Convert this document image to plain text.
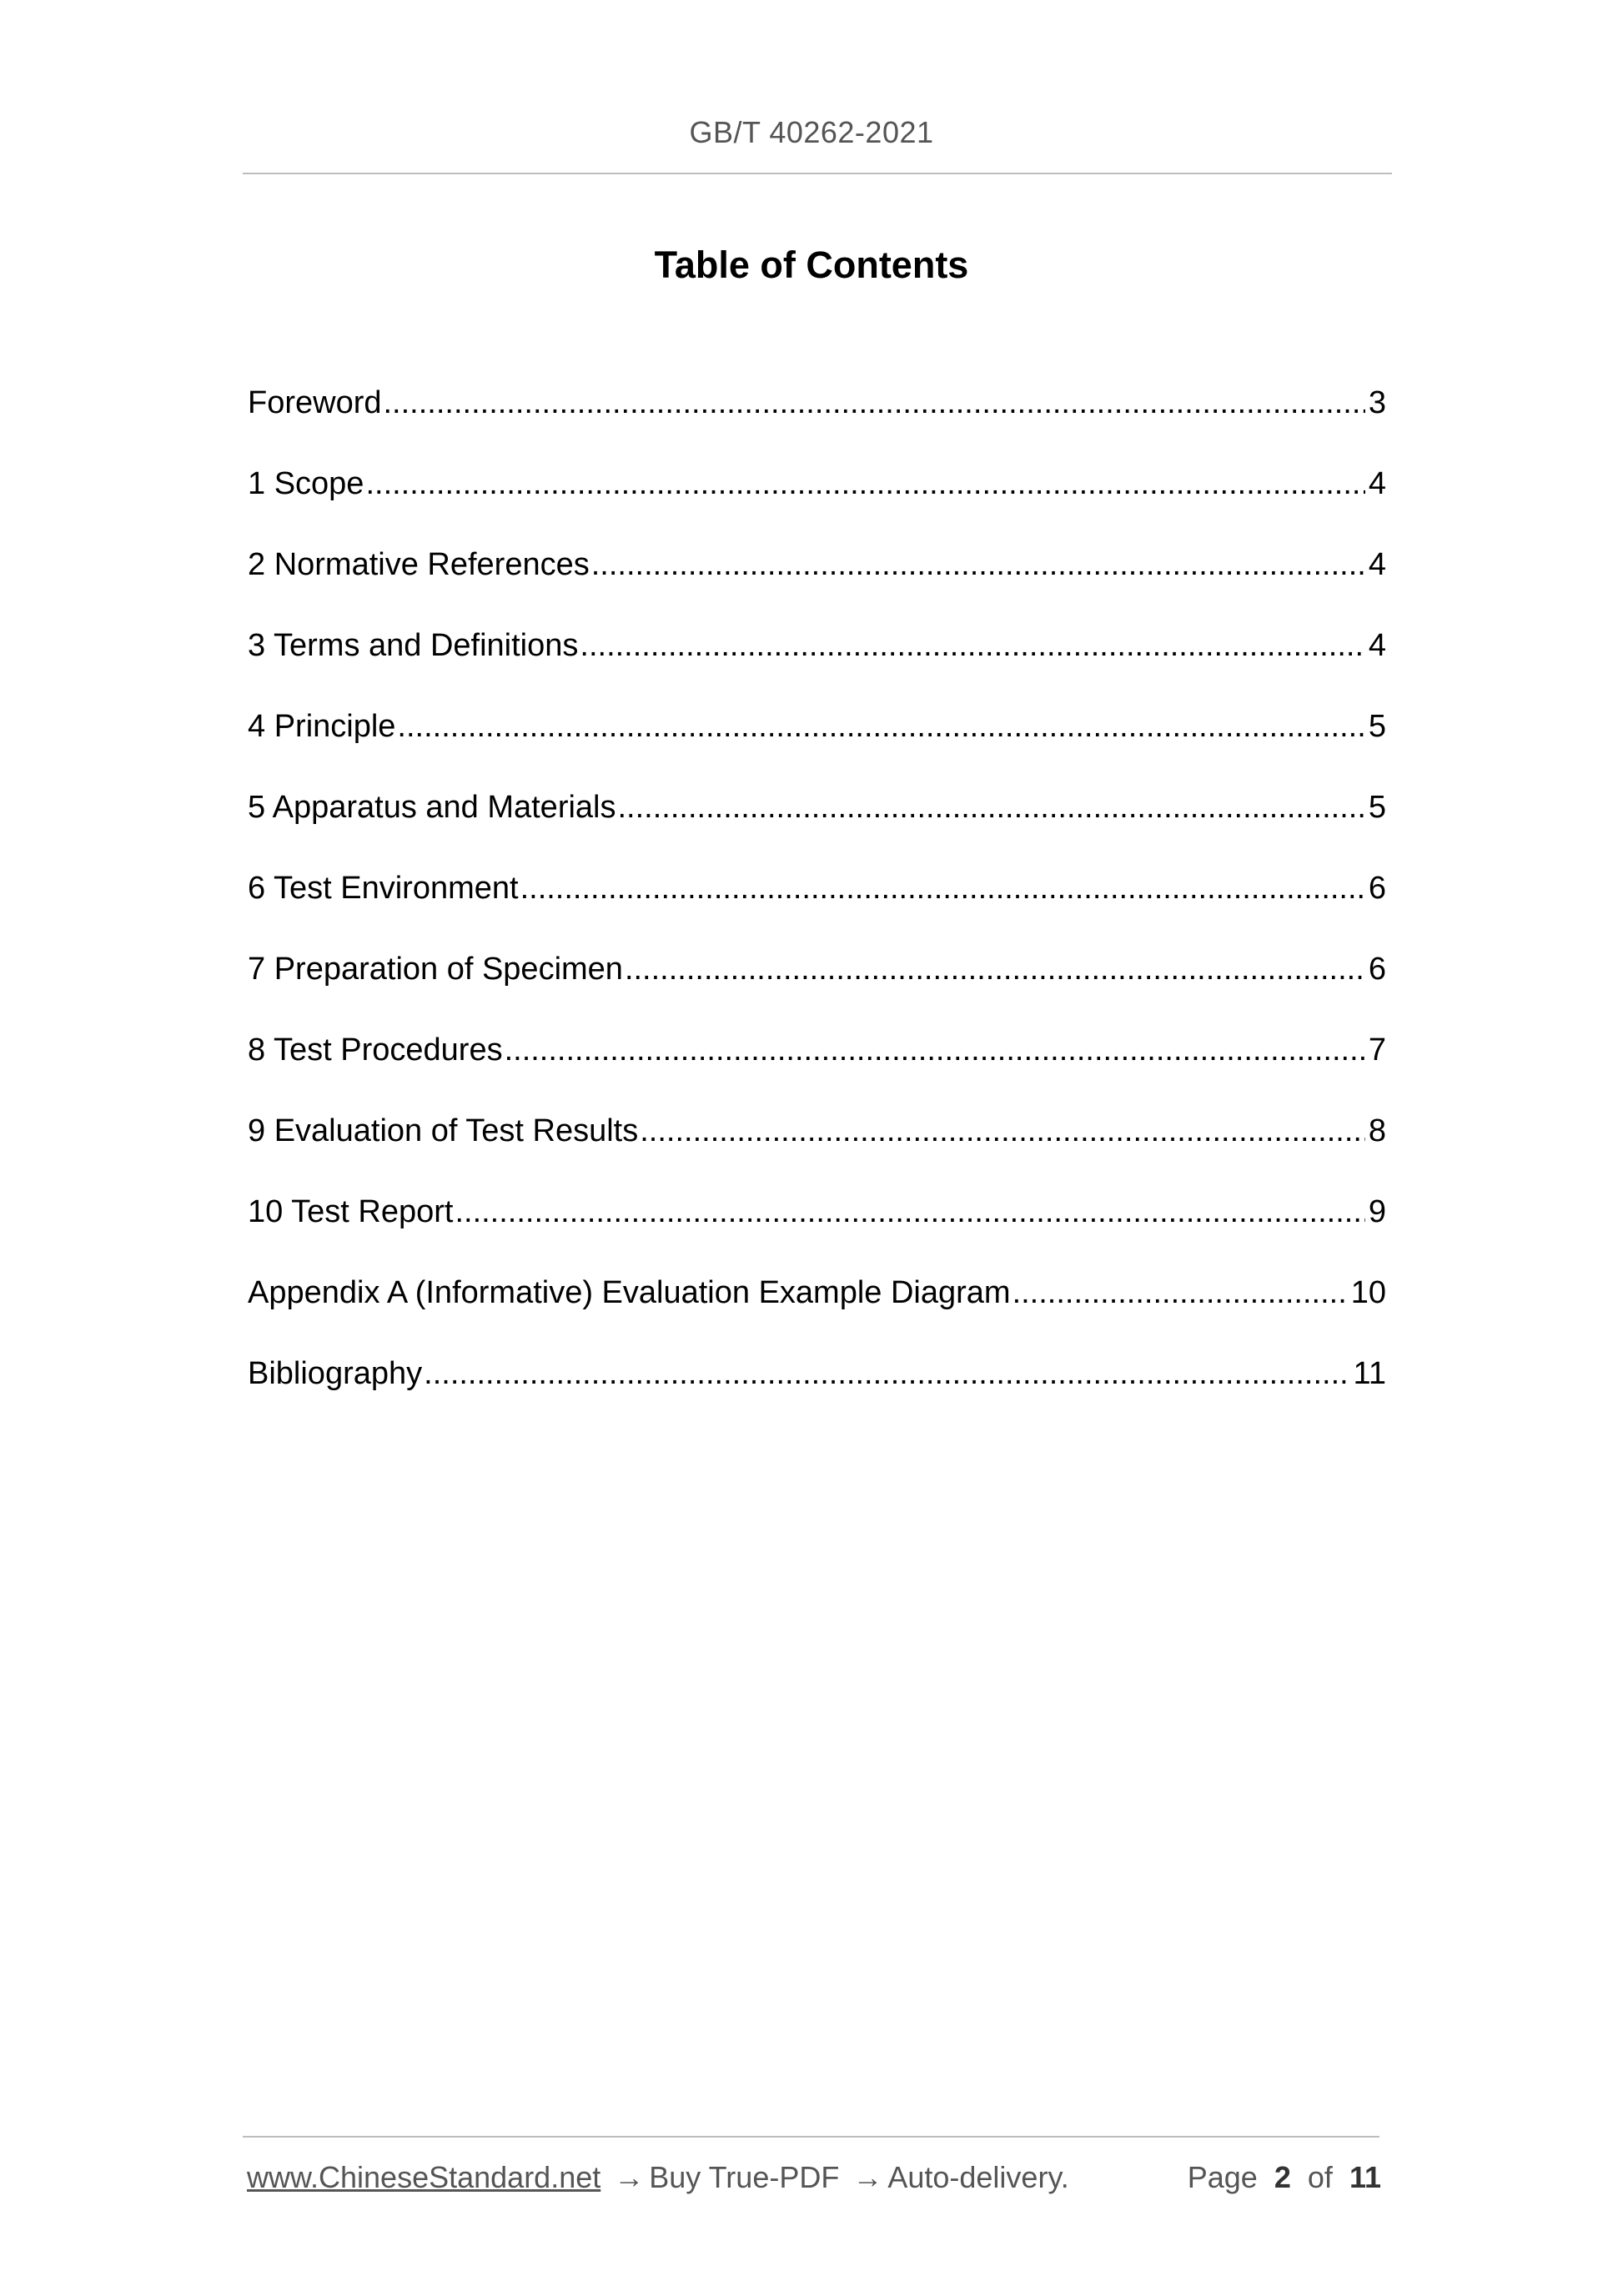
GB/T 40262-2021
Table of Contents
Foreword .....	3
1 Scope .....	4
2 Normative References .....	4
3 Terms and Definitions .....	4
4 Principle .....	5
5 Apparatus and Materials .....	5
6 Test Environment .....	6
7 Preparation of Specimen .....	6
8 Test Procedures .....	7
9 Evaluation of Test Results .....	8
10 Test Report .....	9
Appendix A (Informative) Evaluation Example Diagram .....	10
Bibliography .....	11
www.ChineseStandard.net → Buy True-PDF → Auto-delivery.	Page 2 of 11
